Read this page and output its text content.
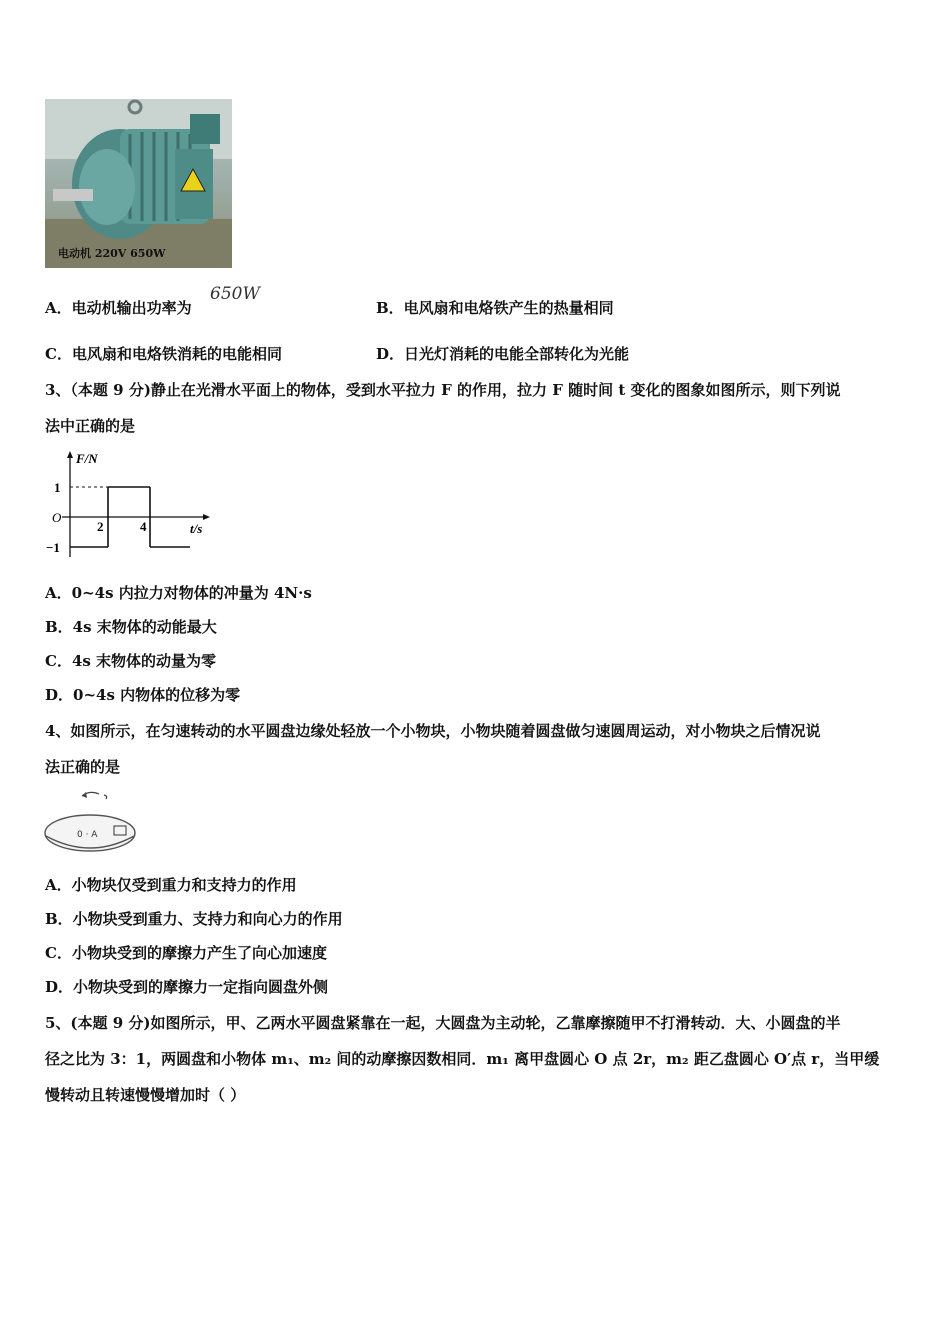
电动机 220V 650W
A．电动机输出功率为
650W
B．电风扇和电烙铁产生的热量相同
C．电风扇和电烙铁消耗的电能相同	D．日光灯消耗的电能全部转化为光能
3、（本题 9 分)静止在光滑水平面上的物体，受到水平拉力 F 的作用，拉力 F 随时间 t 变化的图象如图所示，则下列说
法中正确的是
F/N
t/s
O
1
−1
2	4
A．0~4s 内拉力对物体的冲量为 4N·s
B．4s 末物体的动能最大
C．4s 末物体的动量为零
D．0~4s 内物体的位移为零
4、如图所示，在匀速转动的水平圆盘边缘处轻放一个小物块，小物块随着圆盘做匀速圆周运动，对小物块之后情况说
法正确的是
0 · A
A．小物块仅受到重力和支持力的作用
B．小物块受到重力、支持力和向心力的作用
C．小物块受到的摩擦力产生了向心加速度
D．小物块受到的摩擦力一定指向圆盘外侧
5、(本题 9 分)如图所示，甲、乙两水平圆盘紧靠在一起，大圆盘为主动轮，乙靠摩擦随甲不打滑转动．大、小圆盘的半
径之比为 3：1，两圆盘和小物体 m₁、m₂ 间的动摩擦因数相同．m₁ 离甲盘圆心 O 点 2r，m₂ 距乙盘圆心 O′点 r，当甲缓
慢转动且转速慢慢增加时（ ）
